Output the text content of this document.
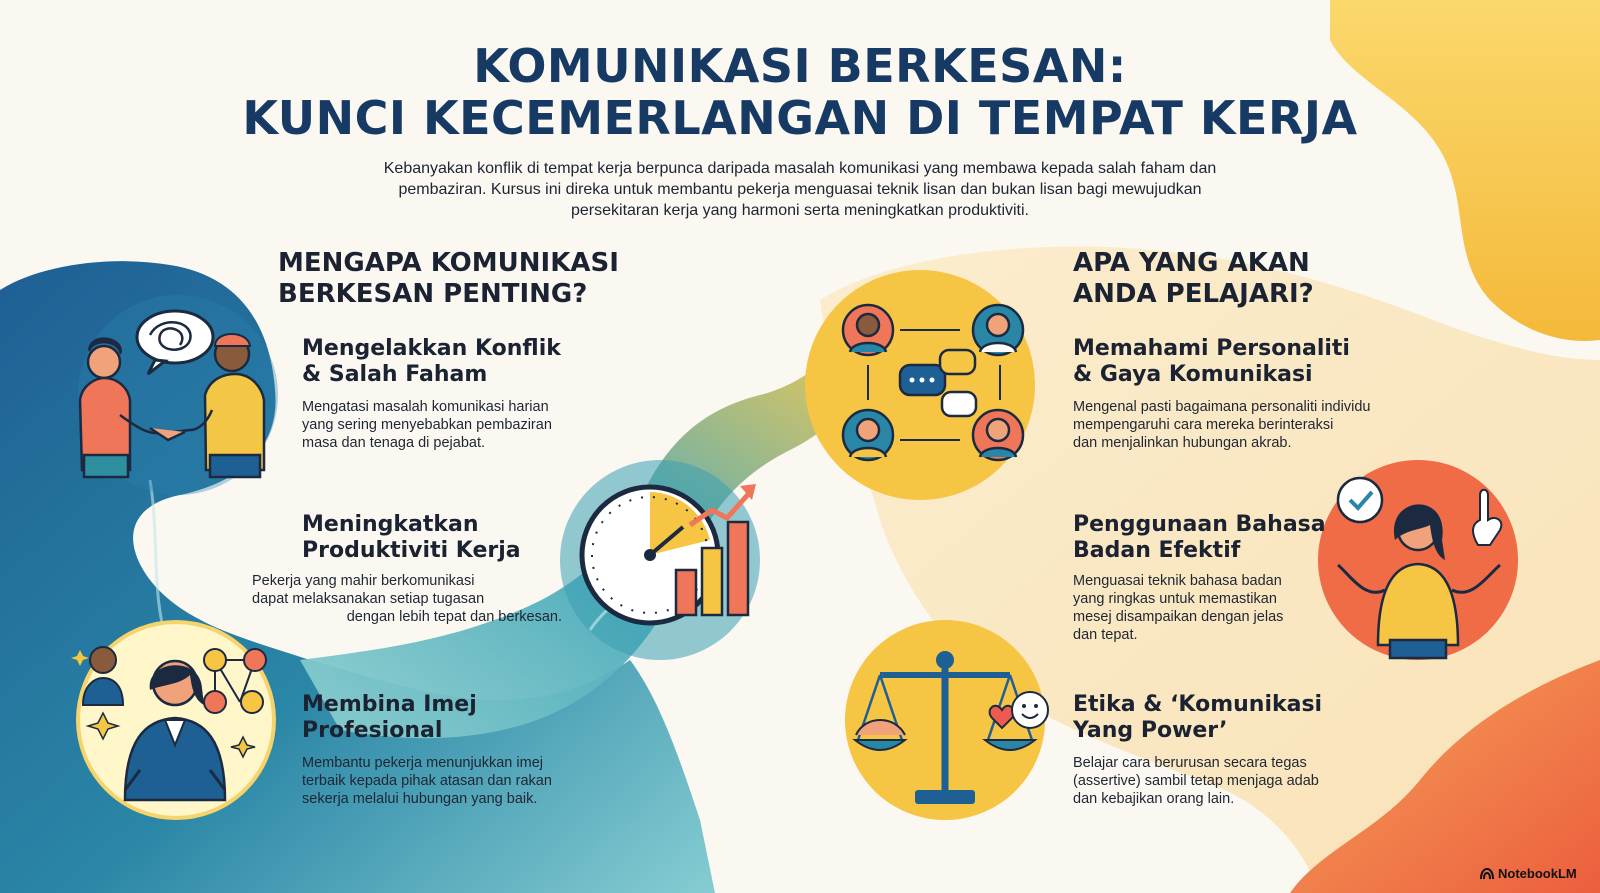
KOMUNIKASI BERKESAN:
KUNCI KECEMERLANGAN DI TEMPAT KERJA
Kebanyakan konflik di tempat kerja berpunca daripada masalah komunikasi yang membawa kepada salah faham dan
pembaziran. Kursus ini direka untuk membantu pekerja menguasai teknik lisan dan bukan lisan bagi mewujudkan
persekitaran kerja yang harmoni serta meningkatkan produktiviti.
MENGAPA KOMUNIKASI
BERKESAN PENTING?
Mengelakkan Konflik
& Salah Faham
Mengatasi masalah komunikasi harian
yang sering menyebabkan pembaziran
masa dan tenaga di pejabat.
Meningkatkan
Produktiviti Kerja
Pekerja yang mahir berkomunikasi
dapat melaksanakan setiap tugasan
dengan lebih tepat dan berkesan.
Membina Imej
Profesional
Membantu pekerja menunjukkan imej
terbaik kepada pihak atasan dan rakan
sekerja melalui hubungan yang baik.
APA YANG AKAN
ANDA PELAJARI?
Memahami Personaliti
& Gaya Komunikasi
Mengenal pasti bagaimana personaliti individu
mempengaruhi cara mereka berinteraksi
dan menjalinkan hubungan akrab.
Penggunaan Bahasa
Badan Efektif
Menguasai teknik bahasa badan
yang ringkas untuk memastikan
mesej disampaikan dengan jelas
dan tepat.
Etika & ‘Komunikasi
Yang Power’
Belajar cara berurusan secara tegas
(assertive) sambil tetap menjaga adab
dan kebajikan orang lain.
NotebookLM
